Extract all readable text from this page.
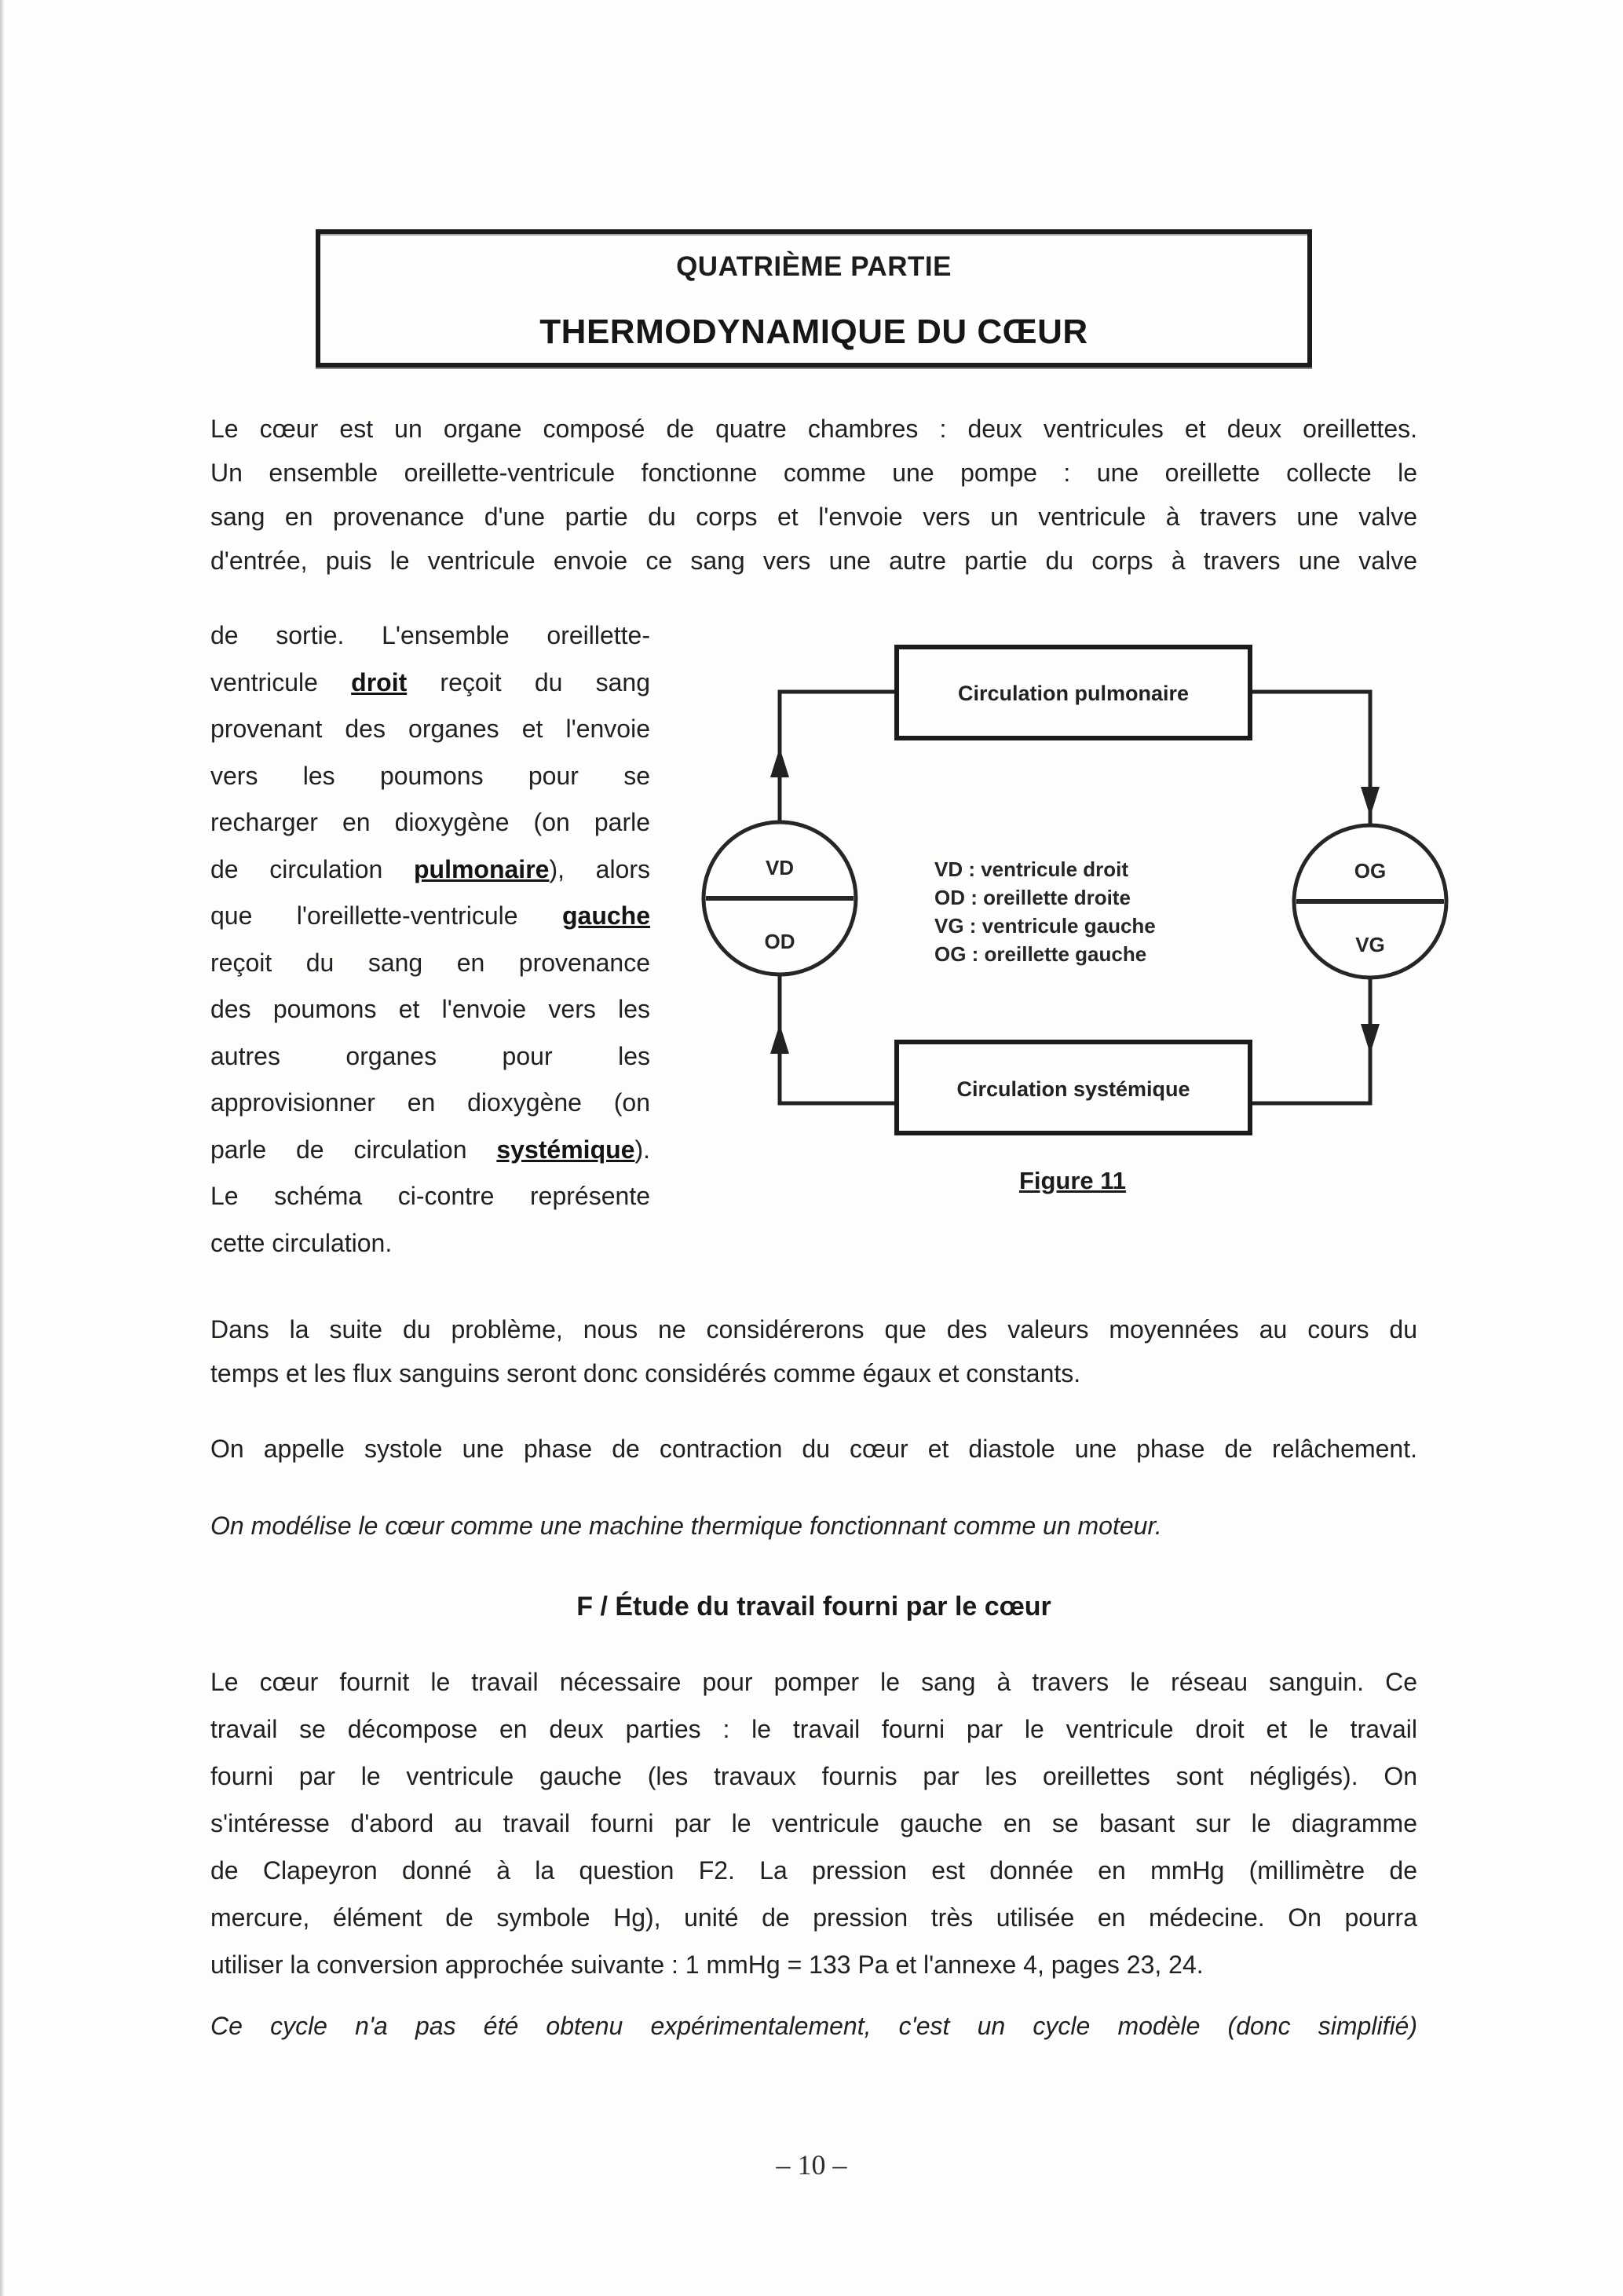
QUATRIÈME PARTIE
THERMODYNAMIQUE DU CŒUR
Le cœur est un organe composé de quatre chambres : deux ventricules et deux oreillettes.
Un ensemble oreillette-ventricule fonctionne comme une pompe : une oreillette collecte le
sang en provenance d'une partie du corps et l'envoie vers un ventricule à travers une valve
d'entrée, puis le ventricule envoie ce sang vers une autre partie du corps à travers une valve
de sortie. L'ensemble oreillette-
ventricule droit reçoit du sang
provenant des organes et l'envoie
vers les poumons pour se
recharger en dioxygène (on parle
de circulation pulmonaire), alors
que l'oreillette-ventricule gauche
reçoit du sang en provenance
des poumons et l'envoie vers les
autres organes pour les
approvisionner en dioxygène (on
parle de circulation systémique).
Le schéma ci-contre représente
cette circulation.
Circulation pulmonaire
Circulation systémique
VD
OD
OG
VG
VD : ventricule droit
OD : oreillette droite
VG : ventricule gauche
OG : oreillette gauche
Figure 11
Dans la suite du problème, nous ne considérerons que des valeurs moyennées au cours du
temps et les flux sanguins seront donc considérés comme égaux et constants.
On appelle systole une phase de contraction du cœur et diastole une phase de relâchement.
On modélise le cœur comme une machine thermique fonctionnant comme un moteur.
F / Étude du travail fourni par le cœur
Le cœur fournit le travail nécessaire pour pomper le sang à travers le réseau sanguin. Ce
travail se décompose en deux parties : le travail fourni par le ventricule droit et le travail
fourni par le ventricule gauche (les travaux fournis par les oreillettes sont négligés). On
s'intéresse d'abord au travail fourni par le ventricule gauche en se basant sur le diagramme
de Clapeyron donné à la question F2. La pression est donnée en mmHg (millimètre de
mercure, élément de symbole Hg), unité de pression très utilisée en médecine. On pourra
utiliser la conversion approchée suivante : 1 mmHg = 133 Pa et l'annexe 4, pages 23, 24.
Ce cycle n'a pas été obtenu expérimentalement, c'est un cycle modèle (donc simplifié)
– 10 –
